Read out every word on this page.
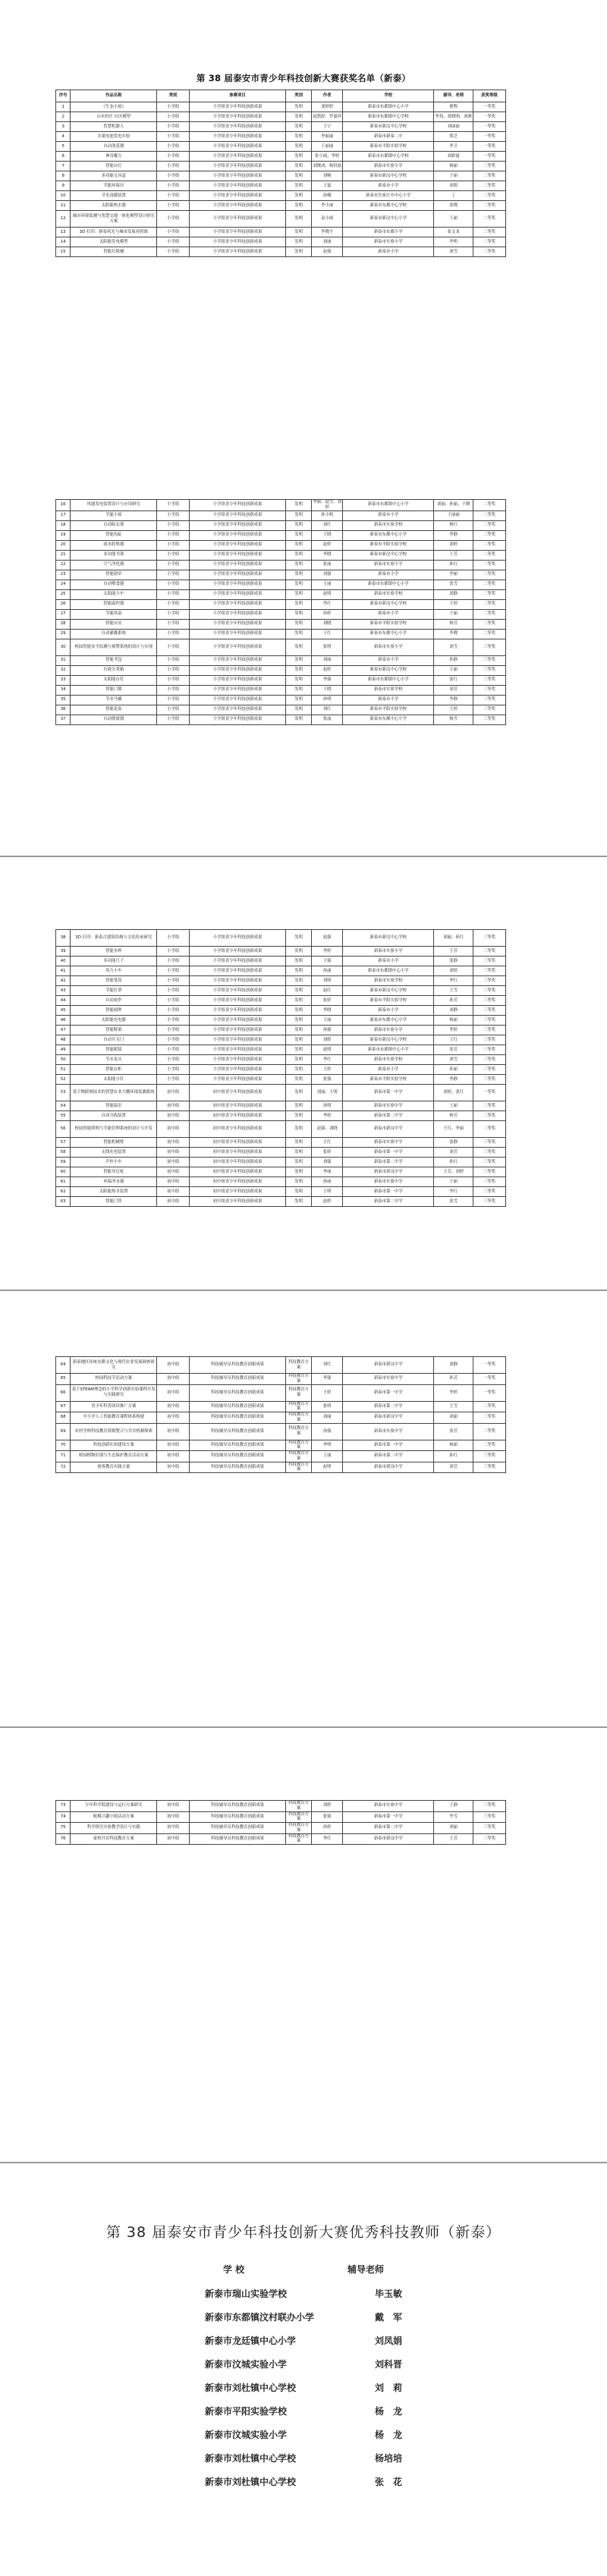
第 38 届泰安市青少年科技创新大赛获奖名单（新泰）
序号	作品名称	类别	参赛项目	类别	作者	学校	辅导、老师	获奖等级
1	《生态小屋》	小学组	小学组青少年科技创新成果	发明	刘婷婷	新泰市东都镇中心小学	翟晖	一等奖
2	山水村庄 社区模型	小学组	小学组青少年科技创新成果	发明	赵凯婷、罗嘉祥	新泰市东都镇中心学校	李苑、黄晓明、刘燕	一等奖
3	智慧机器人	小学组	小学组青少年科技创新成果	发明	王宁	新泰市新汶中心学校	刘丽丽	一等奖
4	水果电池发电实验	小学组	小学组青少年科技创新成果	发明	李丽丽	新泰市新泰二中	郑芝	一等奖
5	自动浇花器	小学组	小学组青少年科技创新成果	发明	王丽丽	新泰市平阳实验学校	李卫	一等奖
6	神奇魔方	小学组	小学组青少年科技创新成果	发明	张小雨、李婷	新泰市东都镇中心学校	刘彩霞	一等奖
7	智能台灯	小学组	小学组青少年科技创新成果	发明	刘俊成、杨洪波	新泰市实验小学	杨丽	二等奖
8	多功能文具盒	小学组	小学组青少年科技创新成果	发明	刘畅	新泰市新汶中心学校	于丽	二等奖
9	节能环保房	小学组	小学组青少年科技创新成果	发明	王磊	新泰市小学	刘莉	二等奖
10	节水浇灌装置	小学组	小学组青少年科技创新成果	发明	孙娜	新泰市岳家庄乡中心小学	丁	二等奖
11	太阳能热水器	小学组	小学组青少年科技创新成果	发明	李小丽	新泰市东都中心学校	张晓	二等奖
12	城市环境监测与智慧交通一体化模型设计研究方案	小学组	小学组青少年科技创新成果	发明	袁小雨	新泰市新汶中心小学	王丽	二等奖
13	3D 打印：新泰风光与城市发展对照图	小学组	小学组青少年科技创新成果	发明	李晓宇	新泰市东都小学	张文龙	二等奖
14	太阳能发电模型	小学组	小学组青少年科技创新成果	发明	刘丽	新泰市实验小学	李明	二等奖
15	智能垃圾桶	小学组	小学组青少年科技创新成果	发明	赵强	新泰市小学	刘雪	二等奖
16	风能发电装置设计与应用研究	小学组	小学组青少年科技创新成果	发明	李丽、赵雪、刘婷	新泰市东都镇中心小学	刘丽、孙丽、于晓	二等奖
17	节能小屋	小学组	小学组青少年科技创新成果	发明	孙小明	新泰市小学	王丽丽	二等奖
18	自动晾衣架	小学组	小学组青少年科技创新成果	发明	刘红	新泰市实验学校	杨红	二等奖
19	智能鱼缸	小学组	小学组青少年科技创新成果	发明	王晓	新泰市东都中心小学	李静	二等奖
20	雨水收集器	小学组	小学组青少年科技创新成果	发明	赵婷	新泰市平阳实验学校	刘婷	二等奖
21	多功能书架	小学组	小学组青少年科技创新成果	发明	李晓	新泰市新汶中心学校	王芳	二等奖
22	空气净化器	小学组	小学组青少年科技创新成果	发明	张丽	新泰市实验小学	孙红	二等奖
23	智能窗帘	小学组	小学组青少年科技创新成果	发明	刘强	新泰市小学	李丽	二等奖
24	自动喂食器	小学组	小学组青少年科技创新成果	发明	王丽	新泰市东都镇中心小学	张雪	二等奖
25	太阳能小车	小学组	小学组青少年科技创新成果	发明	赵明	新泰市实验学校	刘静	二等奖
26	智能温控器	小学组	小学组青少年科技创新成果	发明	李红	新泰市新汶中心学校	王婷	二等奖
27	节能风扇	小学组	小学组青少年科技创新成果	发明	孙婷	新泰市小学	于丽	二等奖
28	智能台历	小学组	小学组青少年科技创新成果	发明	刘晓	新泰市平阳实验学校	杨芳	二等奖
29	自动灌溉系统	小学组	小学组青少年科技创新成果	发明	王红	新泰市东都中心小学	李晓	二等奖
30	校园智能安全监测与预警系统的设计与实现	小学组	小学组青少年科技创新成果	发明	张明	新泰市实验小学	刘雪	三等奖
31	智能书包	小学组	小学组青少年科技创新成果	发明	刘丽	新泰市小学	孙静	三等奖
32	垃圾分类箱	小学组	小学组青少年科技创新成果	发明	赵婷	新泰市新汶中心学校	王丽	三等奖
33	太阳能台灯	小学组	小学组青少年科技创新成果	发明	李强	新泰市东都镇中心小学	张红	三等奖
34	智能门锁	小学组	小学组青少年科技创新成果	发明	王晓	新泰市实验学校	刘芳	三等奖
35	节水马桶	小学组	小学组青少年科技创新成果	发明	孙明	新泰市小学	李静	三等奖
36	智能花盆	小学组	小学组青少年科技创新成果	发明	刘红	新泰市平阳实验学校	王婷	三等奖
37	自动擦窗器	小学组	小学组青少年科技创新成果	发明	张丽	新泰市东都中心小学	杨雪	三等奖
38	3D 打印：新泰古建筑结构与文化传承研究	小学组	小学组青少年科技创新成果	发明	赵强	新泰市新汶中心学校	刘丽、孙红	三等奖
39	智能水杯	小学组	小学组青少年科技创新成果	发明	李婷	新泰市实验小学	王芳	三等奖
40	多功能尺子	小学组	小学组青少年科技创新成果	发明	王强	新泰市小学	张静	三等奖
41	风力小车	小学组	小学组青少年科技创新成果	发明	孙丽	新泰市东都镇中心小学	刘婷	三等奖
42	智能笔筒	小学组	小学组青少年科技创新成果	发明	刘明	新泰市实验学校	李红	三等奖
43	节能灯罩	小学组	小学组青少年科技创新成果	发明	赵红	新泰市新汶中心学校	王雪	三等奖
44	自动雨伞	小学组	小学组青少年科技创新成果	发明	张婷	新泰市平阳实验学校	孙芳	三等奖
45	智能闹钟	小学组	小学组青少年科技创新成果	发明	李晓	新泰市小学	刘静	三等奖
46	太阳能充电器	小学组	小学组青少年科技创新成果	发明	王丽	新泰市东都中心小学	杨丽	三等奖
47	智能鞋架	小学组	小学组青少年科技创新成果	发明	孙强	新泰市实验小学	李婷	三等奖
48	自动开关门	小学组	小学组青少年科技创新成果	发明	刘婷	新泰市新汶中心学校	王红	三等奖
49	智能眼镜	小学组	小学组青少年科技创新成果	发明	赵明	新泰市东都镇中心小学	张芳	三等奖
50	节水龙头	小学组	小学组青少年科技创新成果	发明	李红	新泰市实验学校	刘雪	三等奖
51	智能衣柜	小学组	小学组青少年科技创新成果	发明	王婷	新泰市小学	孙丽	三等奖
52	太阳能小灯	小学组	小学组青少年科技创新成果	发明	张强	新泰市平阳实验学校	李静	三等奖
53	基于物联网技术的智慧农业大棚环境监测系统	初中组	初中组青少年科技创新成果	发明	刘丽、王明	新泰市第一中学	刘婷、张红	一等奖
54	智能温室	初中组	初中组青少年科技创新成果	发明	孙明	新泰市实验中学	王丽	二等奖
55	自动分拣装置	初中组	初中组青少年科技创新成果	发明	李婷	新泰市第二中学	杨芳	二等奖
56	校园智能照明与节能管理系统的设计与开发	初中组	初中组青少年科技创新成果	发明	赵强、刘晓	新泰市新汶中学	王红、李丽	二等奖
57	智能机械臂	初中组	初中组青少年科技创新成果	发明	王红	新泰市实验中学	张静	三等奖
58	无线充电装置	初中组	初中组青少年科技创新成果	发明	张婷	新泰市第一中学	刘芳	三等奖
59	声控小车	初中组	初中组青少年科技创新成果	发明	刘强	新泰市第二中学	孙红	三等奖
60	智能导盲杖	初中组	初中组青少年科技创新成果	发明	李丽	新泰市新汶中学	王芳、刘婷	三等奖
61	环保净水器	初中组	初中组青少年科技创新成果	发明	孙丽	新泰市实验中学	王丽	三等奖
62	太阳能热水装置	初中组	初中组青少年科技创新成果	发明	王明	新泰市第一中学	李红	三等奖
63	智能门铃	初中组	初中组青少年科技创新成果	发明	赵婷	新泰市第二中学	张雪	三等奖
64	新泰地区传统农耕文化与现代农业发展调查研究	初中组	科技辅导员科技教育创新成果	科技教育方案	刘红	新泰市新汶中学	刘静	一等奖
65	校园科技节活动方案	初中组	科技辅导员科技教育创新成果	科技教育方案	李强	新泰市实验中学	孙芳	一等奖
66	基于STEAM理念的小学科学创新实验课程开发与实践研究	初中组	科技辅导员科技教育创新成果	科技教育方案	王婷	新泰市第一中学	李婷	一等奖
67	青少年科普阅读推广方案	初中组	科技辅导员科技教育创新成果	科技教育方案	张明	新泰市第二中学	王雪	二等奖
68	中小学人工智能教育课程体系构建	初中组	科技辅导员科技教育创新成果	科技教育方案	刘丽	新泰市新汶中学	刘丽	二等奖
69	农村学校科技教育资源整合与共享机制探索	初中组	科技辅导员科技教育创新成果	科技教育方案	孙强	新泰市实验中学	张芳	二等奖
70	科技创新社团建设方案	初中组	科技辅导员科技教育创新成果	科技教育方案	李明	新泰市第一中学	杨丽	二等奖
71	校园植物识别与生态保护教育活动方案	初中组	科技辅导员科技教育创新成果	科技教育方案	王丽	新泰市第二中学	孙红	三等奖
72	创客教育实践方案	初中组	科技辅导员科技教育创新成果	科技教育方案	赵明	新泰市新汶中学	刘芳	三等奖
73	少年科学院建设与运行方案研究	初中组	科技辅导员科技教育创新成果	科技教育方案	刘婷	新泰市实验中学	王静	三等奖
74	航模兴趣小组活动方案	初中组	科技辅导员科技教育创新成果	科技教育方案	张强	新泰市第一中学	李雪	三等奖
75	科学探究实验教学设计与实践	初中组	科技辅导员科技教育创新成果	科技教育方案	孙婷	新泰市第二中学	刘丽	三等奖
76	家校共育科技教育方案	初中组	科技辅导员科技教育创新成果	科技教育方案	李红	新泰市新汶中学	王芳	三等奖
第 38 届泰安市青少年科技创新大赛优秀科技教师（新泰）
学 校	辅导老师
新泰市瑞山实验学校	毕玉敏
新泰市东都镇汶村联办小学	戴　军
新泰市龙廷镇中心小学	刘凤娟
新泰市汶城实验小学	刘科晋
新泰市刘杜镇中心学校	刘　莉
新泰市平阳实验学校	杨　龙
新泰市汶城实验小学	杨　龙
新泰市刘杜镇中心学校	杨培培
新泰市刘杜镇中心学校	张　花
